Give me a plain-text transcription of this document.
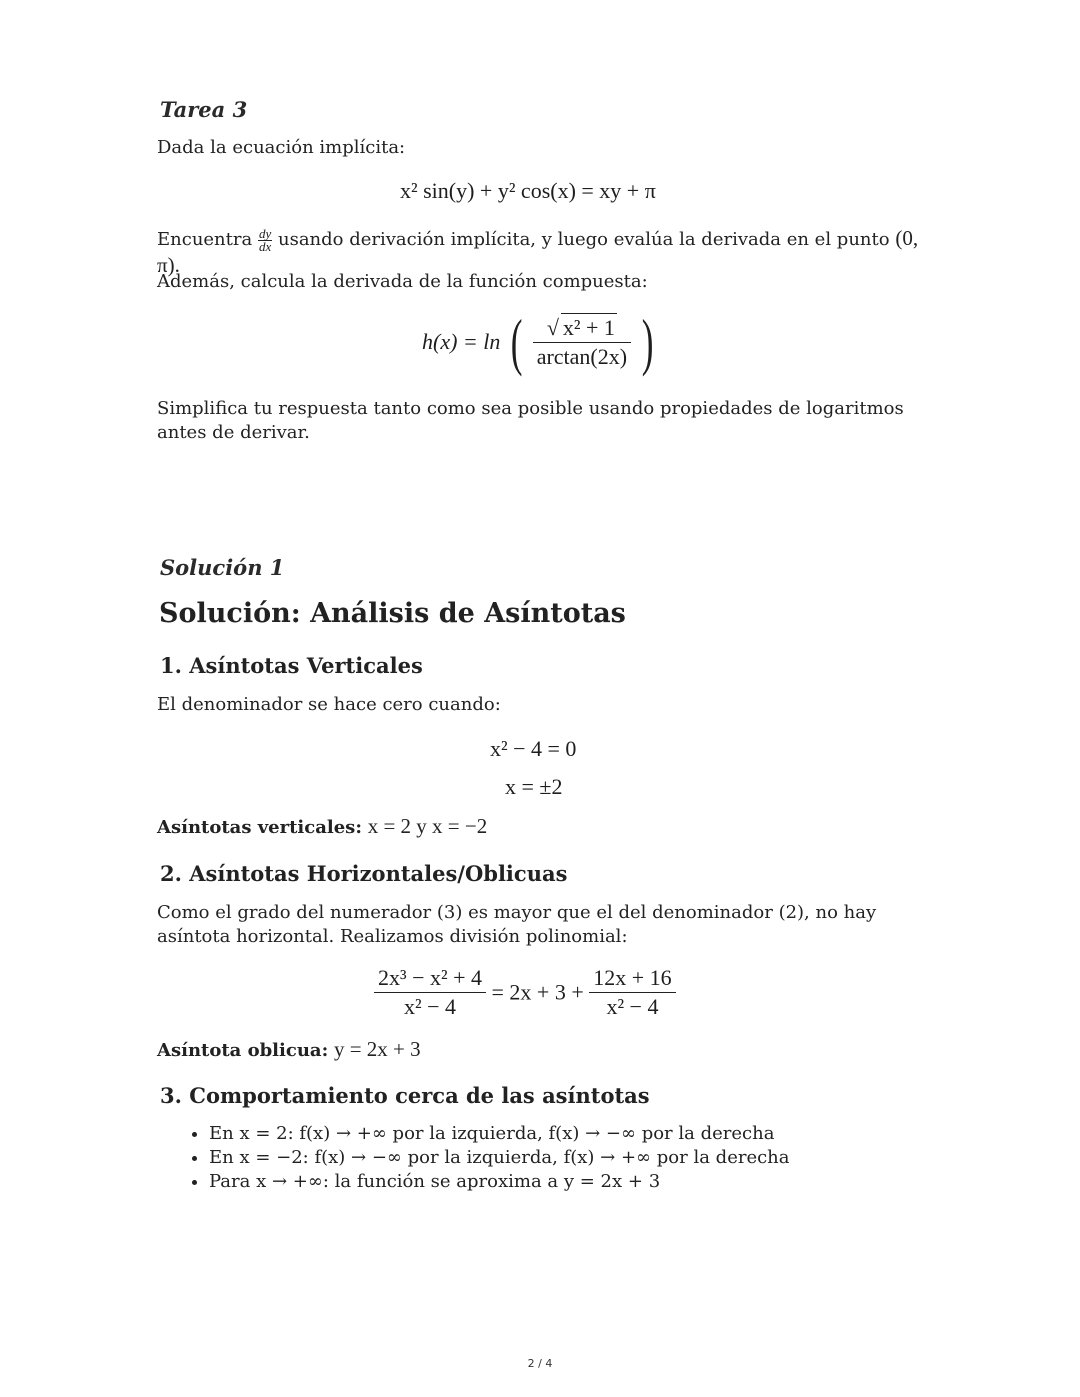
Tarea 3

Dada la ecuación implícita:

x² sin(y) + y² cos(x) = xy + π

Encuentra $\frac{dy}{dx}$ usando derivación implícita, y luego evalúa la derivada en el punto (0, π).

Además, calcula la derivada de la función compuesta:

h(x) = ln ( $\frac{\text{√ x² + 1}}{\arctan(2x)}$ )

Simplifica tu respuesta tanto como sea posible usando propiedades de logaritmos antes de derivar.

Solución 1

Solución: Análisis de Asíntotas
1. Asíntotas Verticales

El denominador se hace cero cuando:

x² − 4 = 0
x = ±2

Asíntotas verticales: x = 2 y x = −2

2. Asíntotas Horizontales/Oblicuas

Como el grado del numerador (3) es mayor que el del denominador (2), no hay asíntota horizontal. Realizamos división polinomial:

$\frac{\text{2x³ − x² + 4}}{\text{x² − 4}} = 2x + 3 + \frac{12x + 16}{\text{x² − 4}}$

Asíntota oblicua: y = 2x + 3

3. Comportamiento cerca de las asíntotas
• En x = 2: f(x) → +∞ por la izquierda, f(x) → −∞ por la derecha
• En x = −2: f(x) → −∞ por la izquierda, f(x) → +∞ por la derecha
• Para x → +∞: la función se aproxima a y = 2x + 3
2 / 4
